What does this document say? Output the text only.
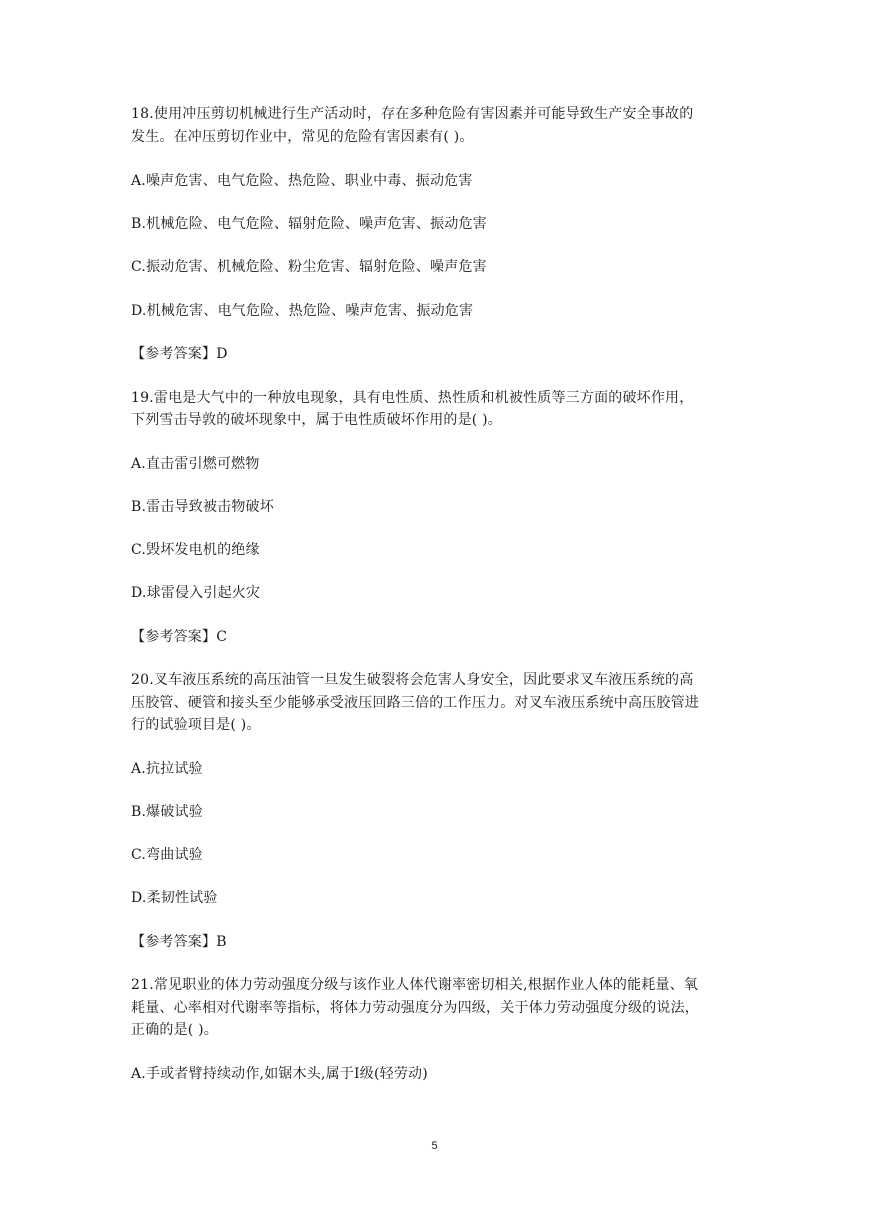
18.使用冲压剪切机械进行生产活动时，存在多种危险有害因素并可能导致生产安全事故的
发生。在冲压剪切作业中，常见的危险有害因素有( )。
A.噪声危害、电气危险、热危险、职业中毒、振动危害
B.机械危险、电气危险、辐射危险、噪声危害、振动危害
C.振动危害、机械危险、粉尘危害、辐射危险、噪声危害
D.机械危害、电气危险、热危险、噪声危害、振动危害
【参考答案】D
19.雷电是大气中的一种放电现象，具有电性质、热性质和机被性质等三方面的破坏作用，
下列雪击导敦的破坏现象中，属于电性质破坏作用的是( )。
A.直击雷引燃可燃物
B.雷击导致被击物破坏
C.毁坏发电机的绝缘
D.球雷侵入引起火灾
【参考答案】C
20.叉车液压系统的高压油管一旦发生破裂将会危害人身安全，因此要求叉车液压系统的高
压胶管、硬管和接头至少能够承受液压回路三倍的工作压力。对叉车液压系统中高压胶管进
行的试验项目是( )。
A.抗拉试验
B.爆破试验
C.弯曲试验
D.柔韧性试验
【参考答案】B
21.常见职业的体力劳动强度分级与该作业人体代谢率密切相关,根据作业人体的能耗量、氧
耗量、心率相对代谢率等指标，将体力劳动强度分为四级，关于体力劳动强度分级的说法，
正确的是( )。
A.手或者臂持续动作,如锯木头,属于Ⅰ级(轻劳动)
5
